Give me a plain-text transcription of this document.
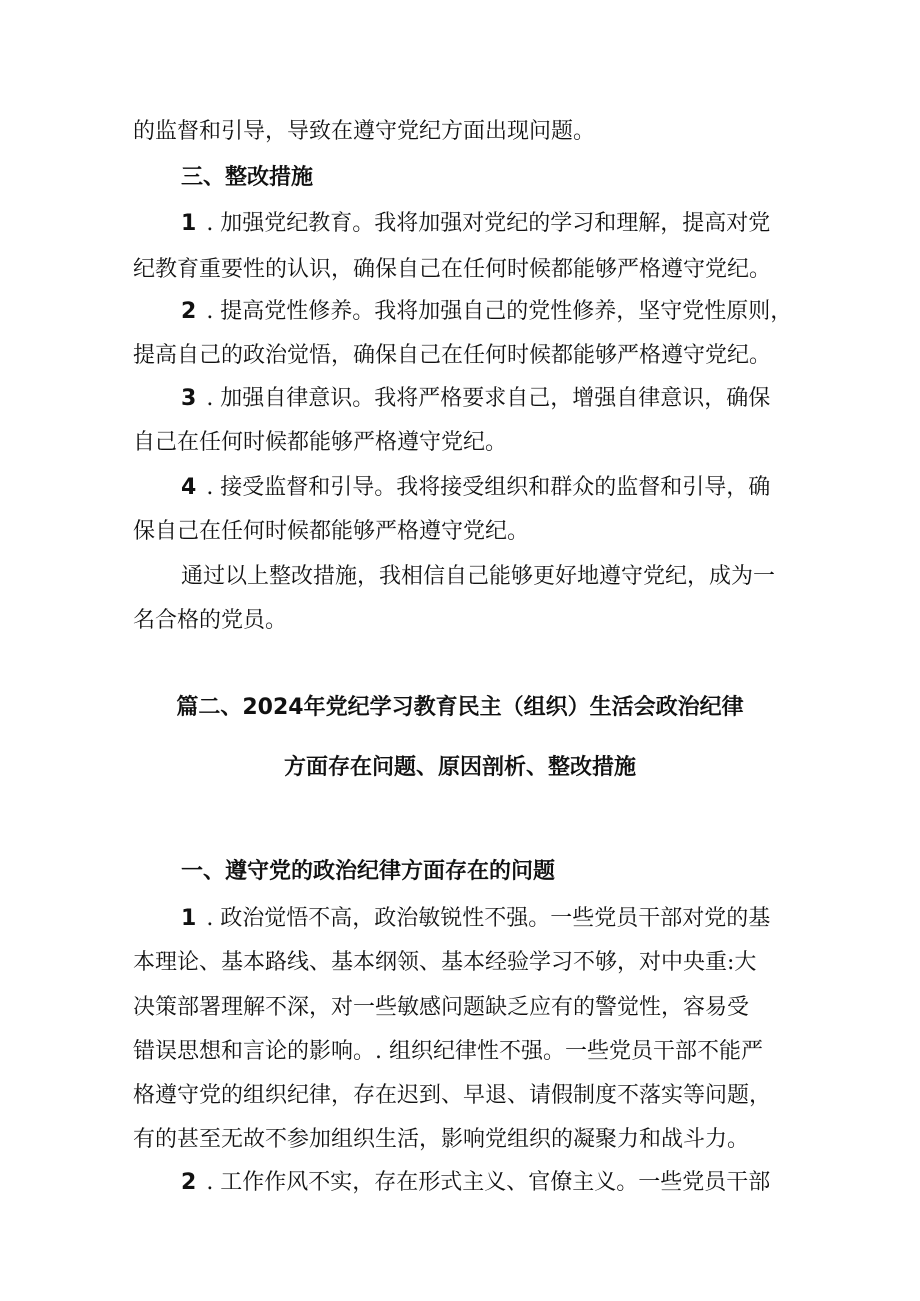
的监督和引导，导致在遵守党纪方面出现问题。
三、整改措施
1 . 加强党纪教育。我将加强对党纪的学习和理解，提高对党
纪教育重要性的认识，确保自己在任何时候都能够严格遵守党纪。
2 . 提高党性修养。我将加强自己的党性修养，坚守党性原则，
提高自己的政治觉悟，确保自己在任何时候都能够严格遵守党纪。
3 . 加强自律意识。我将严格要求自己，增强自律意识，确保
自己在任何时候都能够严格遵守党纪。
4 . 接受监督和引导。我将接受组织和群众的监督和引导，确
保自己在任何时候都能够严格遵守党纪。
通过以上整改措施，我相信自己能够更好地遵守党纪，成为一
名合格的党员。
篇二、2024年党纪学习教育民主（组织）生活会政治纪律
方面存在问题、原因剖析、整改措施
一、遵守党的政治纪律方面存在的问题
1 . 政治觉悟不高，政治敏锐性不强。一些党员干部对党的基
本理论、基本路线、基本纲领、基本经验学习不够，对中央重:大
决策部署理解不深，对一些敏感问题缺乏应有的警觉性，容易受
错误思想和言论的影响。. 组织纪律性不强。一些党员干部不能严
格遵守党的组织纪律，存在迟到、早退、请假制度不落实等问题，
有的甚至无故不参加组织生活，影响党组织的凝聚力和战斗力。
2 . 工作作风不实，存在形式主义、官僚主义。一些党员干部
